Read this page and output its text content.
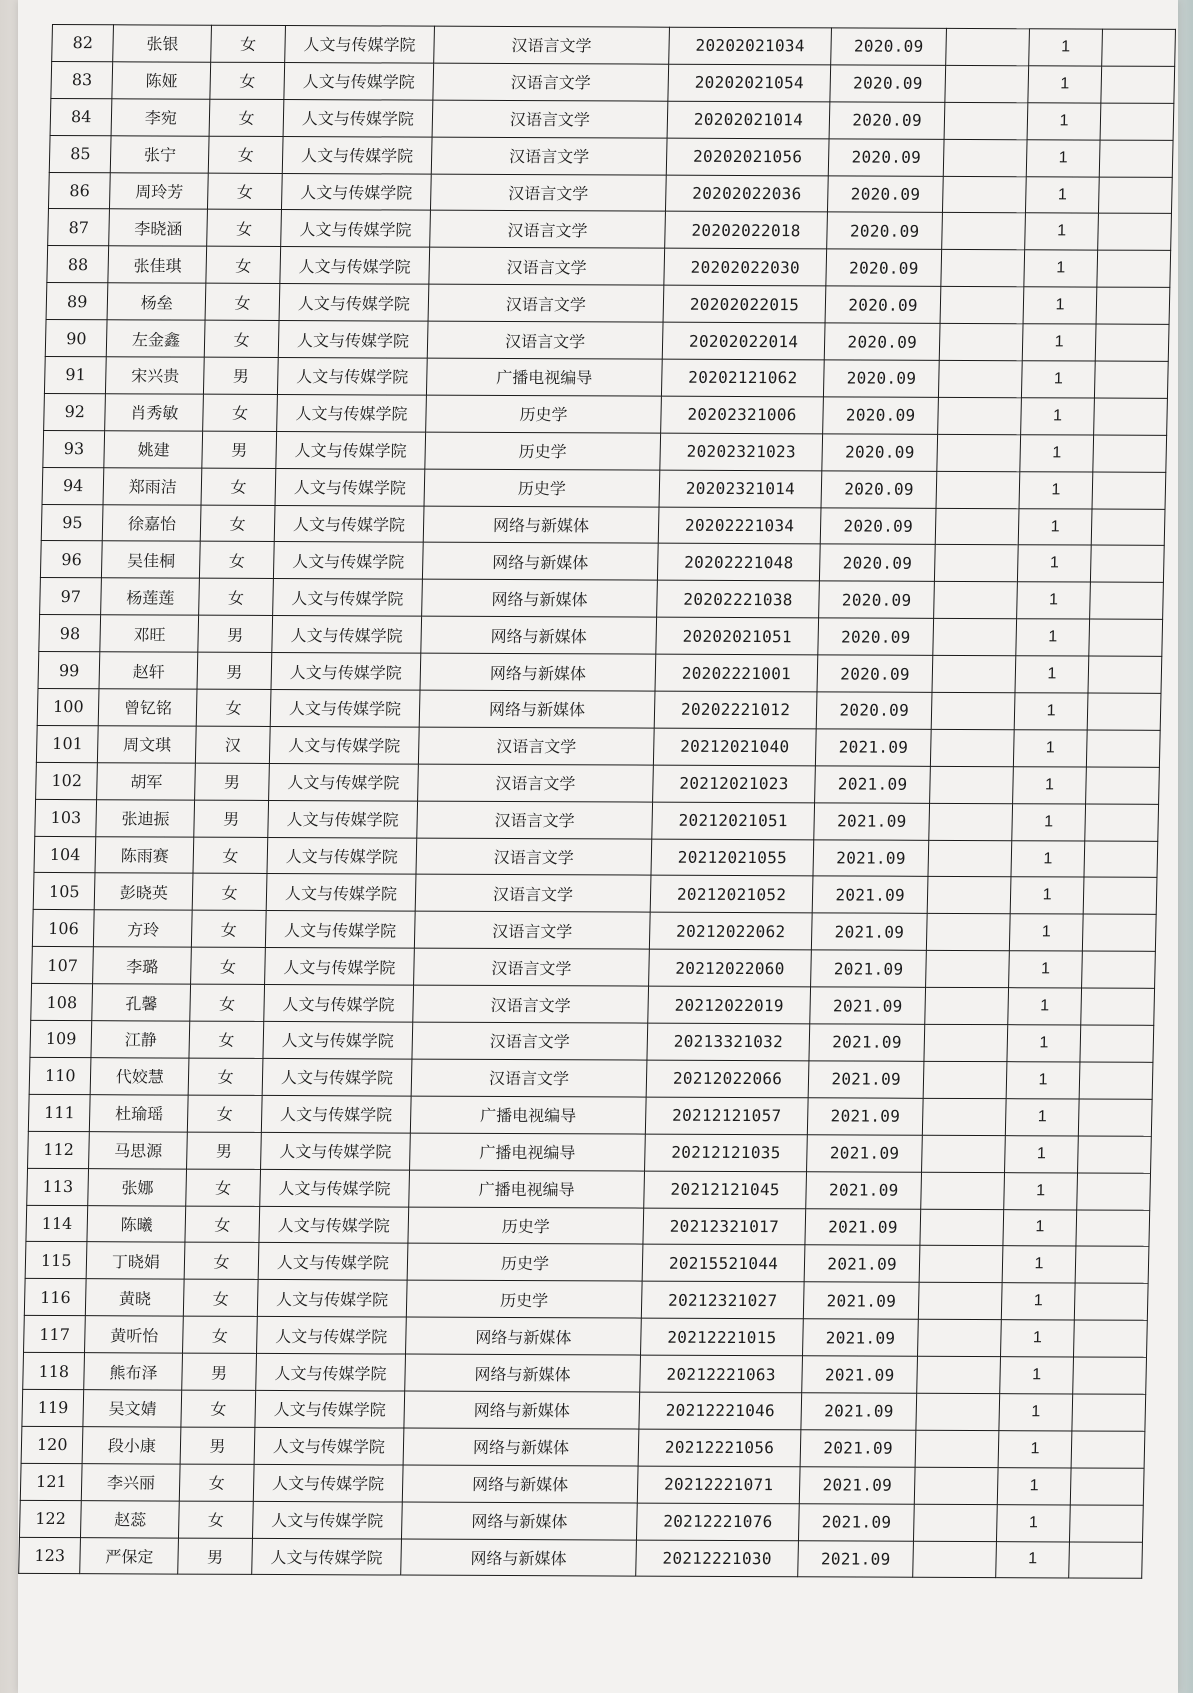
82	张银	女	人文与传媒学院	汉语言文学	20202021034	2020.09		1	
83	陈娅	女	人文与传媒学院	汉语言文学	20202021054	2020.09		1	
84	李宛	女	人文与传媒学院	汉语言文学	20202021014	2020.09		1	
85	张宁	女	人文与传媒学院	汉语言文学	20202021056	2020.09		1	
86	周玲芳	女	人文与传媒学院	汉语言文学	20202022036	2020.09		1	
87	李晓涵	女	人文与传媒学院	汉语言文学	20202022018	2020.09		1	
88	张佳琪	女	人文与传媒学院	汉语言文学	20202022030	2020.09		1	
89	杨垒	女	人文与传媒学院	汉语言文学	20202022015	2020.09		1	
90	左金鑫	女	人文与传媒学院	汉语言文学	20202022014	2020.09		1	
91	宋兴贵	男	人文与传媒学院	广播电视编导	20202121062	2020.09		1	
92	肖秀敏	女	人文与传媒学院	历史学	20202321006	2020.09		1	
93	姚建	男	人文与传媒学院	历史学	20202321023	2020.09		1	
94	郑雨洁	女	人文与传媒学院	历史学	20202321014	2020.09		1	
95	徐嘉怡	女	人文与传媒学院	网络与新媒体	20202221034	2020.09		1	
96	吴佳桐	女	人文与传媒学院	网络与新媒体	20202221048	2020.09		1	
97	杨莲莲	女	人文与传媒学院	网络与新媒体	20202221038	2020.09		1	
98	邓旺	男	人文与传媒学院	网络与新媒体	20202021051	2020.09		1	
99	赵轩	男	人文与传媒学院	网络与新媒体	20202221001	2020.09		1	
100	曾钇铭	女	人文与传媒学院	网络与新媒体	20202221012	2020.09		1	
101	周文琪	汉	人文与传媒学院	汉语言文学	20212021040	2021.09		1	
102	胡军	男	人文与传媒学院	汉语言文学	20212021023	2021.09		1	
103	张迪振	男	人文与传媒学院	汉语言文学	20212021051	2021.09		1	
104	陈雨赛	女	人文与传媒学院	汉语言文学	20212021055	2021.09		1	
105	彭晓英	女	人文与传媒学院	汉语言文学	20212021052	2021.09		1	
106	方玲	女	人文与传媒学院	汉语言文学	20212022062	2021.09		1	
107	李璐	女	人文与传媒学院	汉语言文学	20212022060	2021.09		1	
108	孔馨	女	人文与传媒学院	汉语言文学	20212022019	2021.09		1	
109	江静	女	人文与传媒学院	汉语言文学	20213321032	2021.09		1	
110	代姣慧	女	人文与传媒学院	汉语言文学	20212022066	2021.09		1	
111	杜瑜瑶	女	人文与传媒学院	广播电视编导	20212121057	2021.09		1	
112	马思源	男	人文与传媒学院	广播电视编导	20212121035	2021.09		1	
113	张娜	女	人文与传媒学院	广播电视编导	20212121045	2021.09		1	
114	陈曦	女	人文与传媒学院	历史学	20212321017	2021.09		1	
115	丁晓娟	女	人文与传媒学院	历史学	20215521044	2021.09		1	
116	黄晓	女	人文与传媒学院	历史学	20212321027	2021.09		1	
117	黄听怡	女	人文与传媒学院	网络与新媒体	20212221015	2021.09		1	
118	熊布泽	男	人文与传媒学院	网络与新媒体	20212221063	2021.09		1	
119	吴文婧	女	人文与传媒学院	网络与新媒体	20212221046	2021.09		1	
120	段小康	男	人文与传媒学院	网络与新媒体	20212221056	2021.09		1	
121	李兴丽	女	人文与传媒学院	网络与新媒体	20212221071	2021.09		1	
122	赵蕊	女	人文与传媒学院	网络与新媒体	20212221076	2021.09		1	
123	严保定	男	人文与传媒学院	网络与新媒体	20212221030	2021.09		1	
